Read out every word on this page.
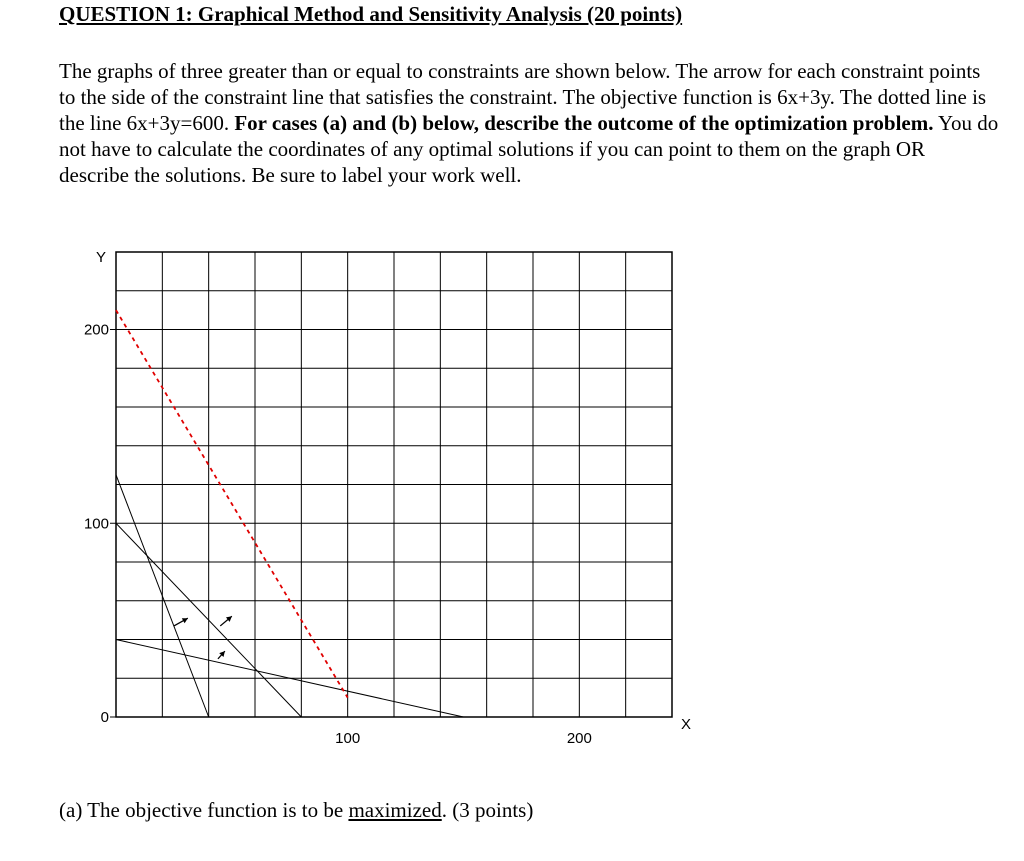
QUESTION 1: Graphical Method and Sensitivity Analysis (20 points)

The graphs of three greater than or equal to constraints are shown below. The arrow for each constraint points to the side of the constraint line that satisfies the constraint. The objective function is 6x+3y. The dotted line is the line 6x+3y=600. For cases (a) and (b) below, describe the outcome of the optimization problem. You do not have to calculate the coordinates of any optimal solutions if you can point to them on the graph OR describe the solutions. Be sure to label your work well.

0
100
200
100	200
Y
X

(a) The objective function is to be maximized. (3 points)
